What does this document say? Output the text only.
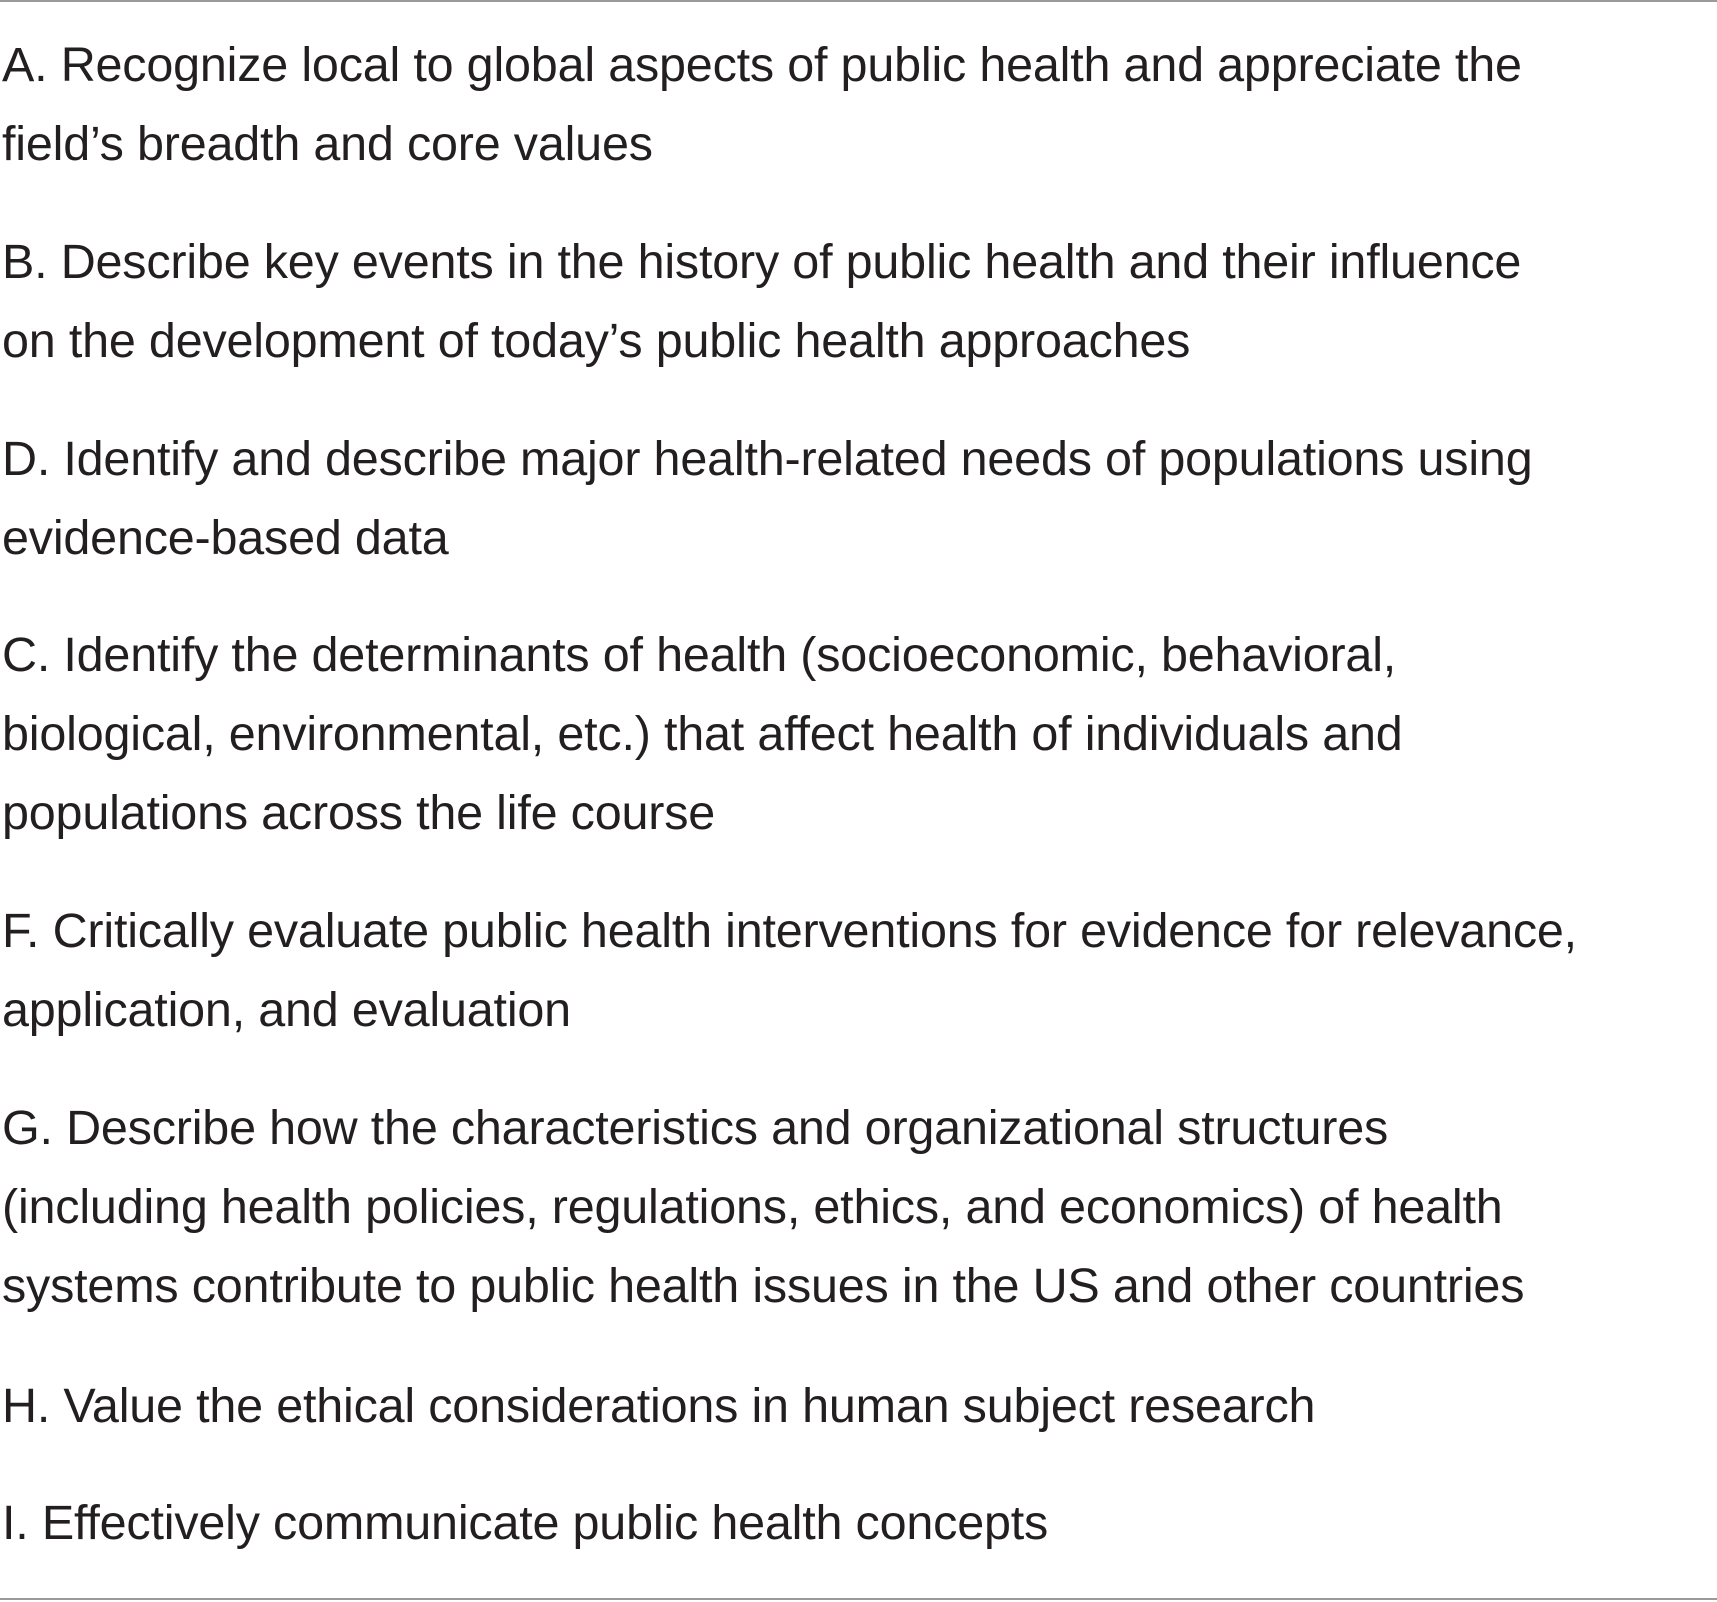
A. Recognize local to global aspects of public health and appreciate the
field’s breadth and core values
B. Describe key events in the history of public health and their influence
on the development of today’s public health approaches
D. Identify and describe major health-related needs of populations using
evidence-based data
C. Identify the determinants of health (socioeconomic, behavioral,
biological, environmental, etc.) that affect health of individuals and
populations across the life course
F. Critically evaluate public health interventions for evidence for relevance,
application, and evaluation
G. Describe how the characteristics and organizational structures
(including health policies, regulations, ethics, and economics) of health
systems contribute to public health issues in the US and other countries
H. Value the ethical considerations in human subject research
I. Effectively communicate public health concepts
